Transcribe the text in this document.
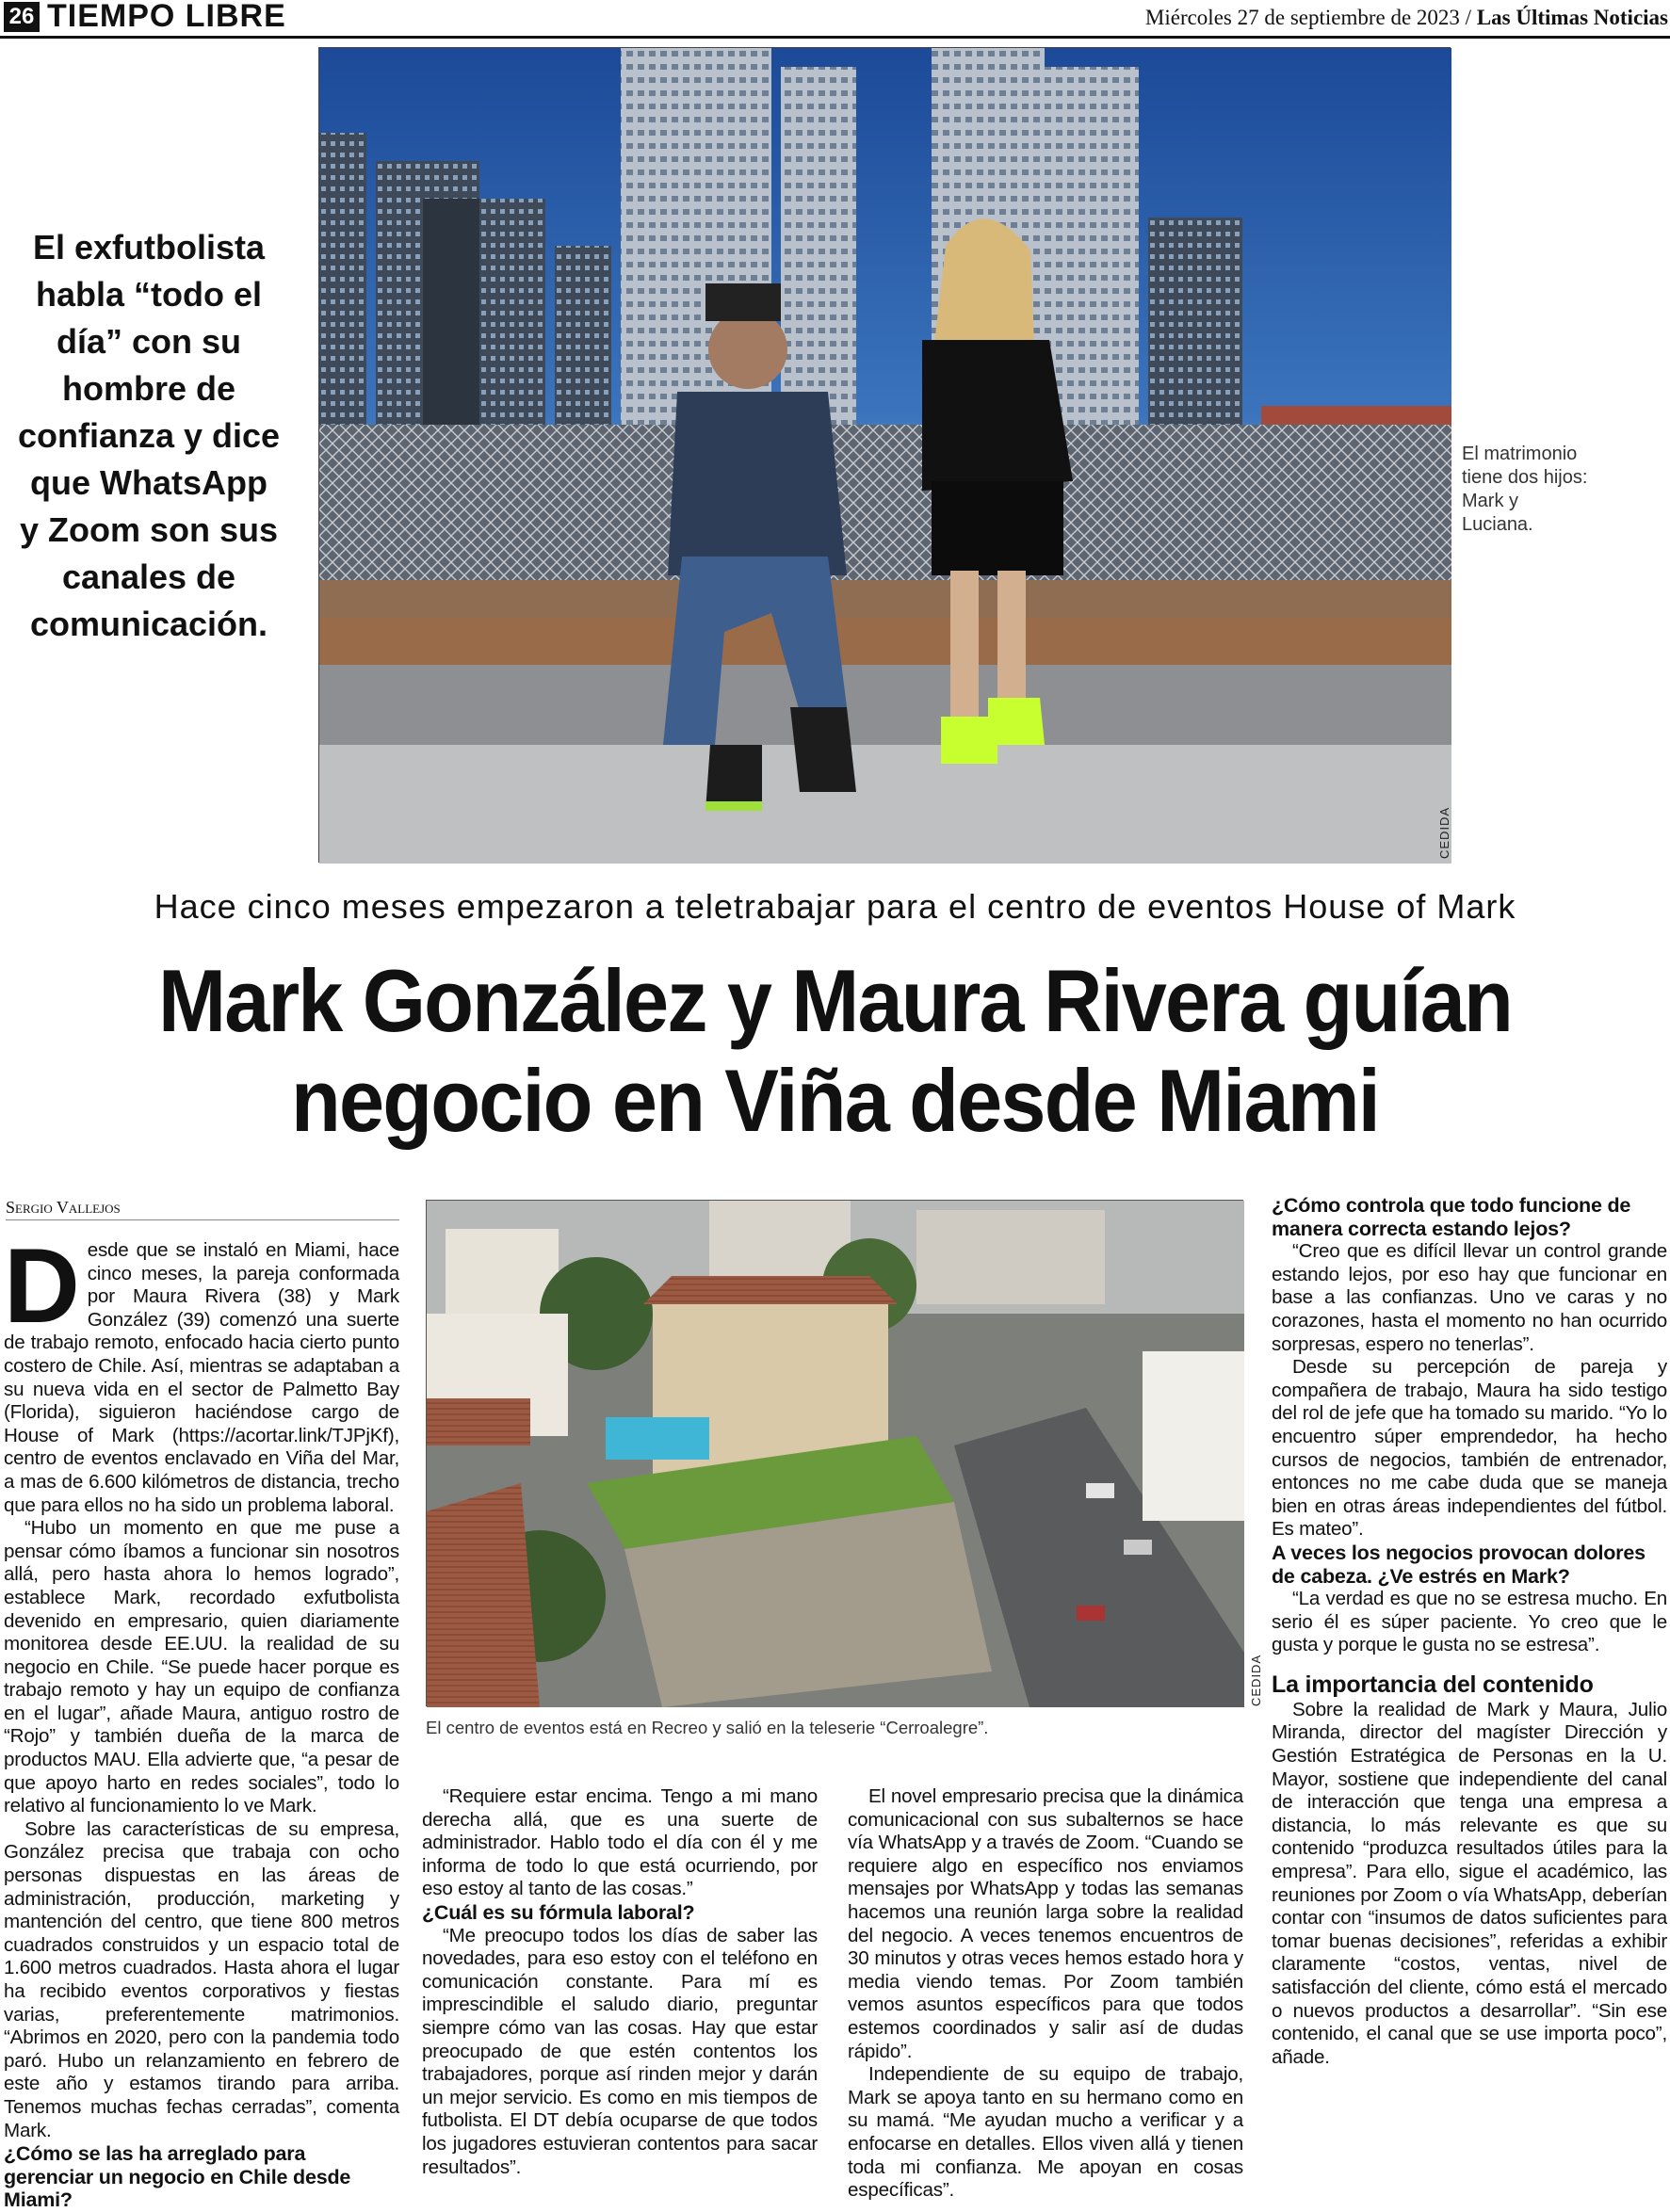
26 TIEMPO LIBRE	Miércoles 27 de septiembre de 2023 / Las Últimas Noticias
El exfutbolista habla “todo el día” con su hombre de confianza y dice que WhatsApp y Zoom son sus canales de comunicación.
CEDIDA
El matrimonio tiene dos hijos: Mark y Luciana.
Hace cinco meses empezaron a teletrabajar para el centro de eventos House of Mark
Mark González y Maura Rivera guían
negocio en Viña desde Miami
Sergio Vallejos

Desde que se instaló en Miami, hace cinco meses, la pareja conformada por Maura Rivera (38) y Mark González (39) comenzó una suerte de trabajo remoto, enfocado hacia cierto punto costero de Chile. Así, mientras se adaptaban a su nueva vida en el sector de Palmetto Bay (Florida), siguieron haciéndose cargo de House of Mark (https://acortar.link/TJPjKf), centro de eventos enclavado en Viña del Mar, a mas de 6.600 kilómetros de distancia, trecho que para ellos no ha sido un problema laboral.

“Hubo un momento en que me puse a pensar cómo íbamos a funcionar sin nosotros allá, pero hasta ahora lo hemos logrado”, establece Mark, recordado exfutbolista devenido en empresario, quien diariamente monitorea desde EE.UU. la realidad de su negocio en Chile. “Se puede hacer porque es trabajo remoto y hay un equipo de confianza en el lugar”, añade Maura, antiguo rostro de “Rojo” y también dueña de la marca de productos MAU. Ella advierte que, “a pesar de que apoyo harto en redes sociales”, todo lo relativo al funcionamiento lo ve Mark.

Sobre las características de su empresa, González precisa que trabaja con ocho personas dispuestas en las áreas de administración, producción, marketing y mantención del centro, que tiene 800 metros cuadrados construidos y un espacio total de 1.600 metros cuadrados. Hasta ahora el lugar ha recibido eventos corporativos y fiestas varias, preferentemente matrimonios. “Abrimos en 2020, pero con la pandemia todo paró. Hubo un relanzamiento en febrero de este año y estamos tirando para arriba. Tenemos muchas fechas cerradas”, comenta Mark.

¿Cómo se las ha arreglado para gerenciar un negocio en Chile desde Miami?
CEDIDA
El centro de eventos está en Recreo y salió en la teleserie “Cerroalegre”.

“Requiere estar encima. Tengo a mi mano derecha allá, que es una suerte de administrador. Hablo todo el día con él y me informa de todo lo que está ocurriendo, por eso estoy al tanto de las cosas.”

¿Cuál es su fórmula laboral?

“Me preocupo todos los días de saber las novedades, para eso estoy con el teléfono en comunicación constante. Para mí es imprescindible el saludo diario, preguntar siempre cómo van las cosas. Hay que estar preocupado de que estén contentos los trabajadores, porque así rinden mejor y darán un mejor servicio. Es como en mis tiempos de futbolista. El DT debía ocuparse de que todos los jugadores estuvieran contentos para sacar resultados”.

El novel empresario precisa que la dinámica comunicacional con sus subalternos se hace vía WhatsApp y a través de Zoom. “Cuando se requiere algo en específico nos enviamos mensajes por WhatsApp y todas las semanas hacemos una reunión larga sobre la realidad del negocio. A veces tenemos encuentros de 30 minutos y otras veces hemos estado hora y media viendo temas. Por Zoom también vemos asuntos específicos para que todos estemos coordinados y salir así de dudas rápido”.

Independiente de su equipo de trabajo, Mark se apoya tanto en su hermano como en su mamá. “Me ayudan mucho a verificar y a enfocarse en detalles. Ellos viven allá y tienen toda mi confianza. Me apoyan en cosas específicas”.

¿Cómo controla que todo funcione de manera correcta estando lejos?

“Creo que es difícil llevar un control grande estando lejos, por eso hay que funcionar en base a las confianzas. Uno ve caras y no corazones, hasta el momento no han ocurrido sorpresas, espero no tenerlas”.

Desde su percepción de pareja y compañera de trabajo, Maura ha sido testigo del rol de jefe que ha tomado su marido. “Yo lo encuentro súper emprendedor, ha hecho cursos de negocios, también de entrenador, entonces no me cabe duda que se maneja bien en otras áreas independientes del fútbol. Es mateo”.

A veces los negocios provocan dolores de cabeza. ¿Ve estrés en Mark?

“La verdad es que no se estresa mucho. En serio él es súper paciente. Yo creo que le gusta y porque le gusta no se estresa”.

La importancia del contenido

Sobre la realidad de Mark y Maura, Julio Miranda, director del magíster Dirección y Gestión Estratégica de Personas en la U. Mayor, sostiene que independiente del canal de interacción que tenga una empresa a distancia, lo más relevante es que su contenido “produzca resultados útiles para la empresa”. Para ello, sigue el académico, las reuniones por Zoom o vía WhatsApp, deberían contar con “insumos de datos suficientes para tomar buenas decisiones”, referidas a exhibir claramente “costos, ventas, nivel de satisfacción del cliente, cómo está el mercado o nuevos productos a desarrollar”. “Sin ese contenido, el canal que se use importa poco”, añade.
